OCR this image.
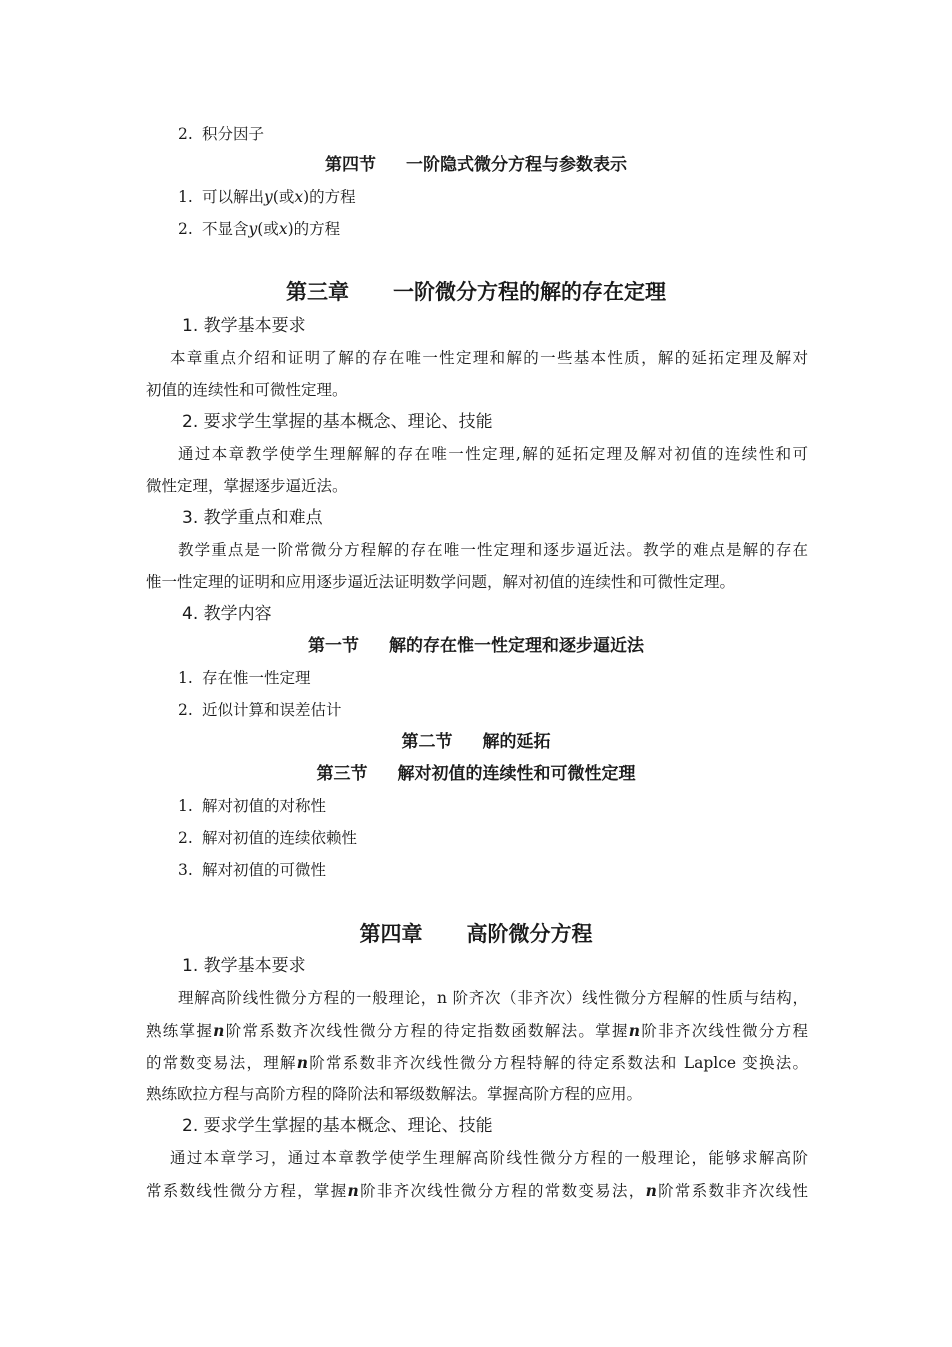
2. 积分因子
第四节 一阶隐式微分方程与参数表示
1. 可以解出y(或x)的方程
2. 不显含y(或x)的方程
第三章 一阶微分方程的解的存在定理
1. 教学基本要求
本章重点介绍和证明了解的存在唯一性定理和解的一些基本性质，解的延拓定理及解对
初值的连续性和可微性定理。
2. 要求学生掌握的基本概念、理论、技能
通过本章教学使学生理解解的存在唯一性定理,解的延拓定理及解对初值的连续性和可
微性定理，掌握逐步逼近法。
3. 教学重点和难点
教学重点是一阶常微分方程解的存在唯一性定理和逐步逼近法。教学的难点是解的存在
惟一性定理的证明和应用逐步逼近法证明数学问题，解对初值的连续性和可微性定理。
4. 教学内容
第一节 解的存在惟一性定理和逐步逼近法
1. 存在惟一性定理
2. 近似计算和误差估计
第二节 解的延拓
第三节 解对初值的连续性和可微性定理
1. 解对初值的对称性
2. 解对初值的连续依赖性
3. 解对初值的可微性
第四章 高阶微分方程
1. 教学基本要求
理解高阶线性微分方程的一般理论，n 阶齐次（非齐次）线性微分方程解的性质与结构，
熟练掌握n阶常系数齐次线性微分方程的待定指数函数解法。掌握n阶非齐次线性微分方程
的常数变易法，理解n阶常系数非齐次线性微分方程特解的待定系数法和 Laplce 变换法。
熟练欧拉方程与高阶方程的降阶法和幂级数解法。掌握高阶方程的应用。
2. 要求学生掌握的基本概念、理论、技能
通过本章学习，通过本章教学使学生理解高阶线性微分方程的一般理论，能够求解高阶
常系数线性微分方程，掌握n阶非齐次线性微分方程的常数变易法，n阶常系数非齐次线性
